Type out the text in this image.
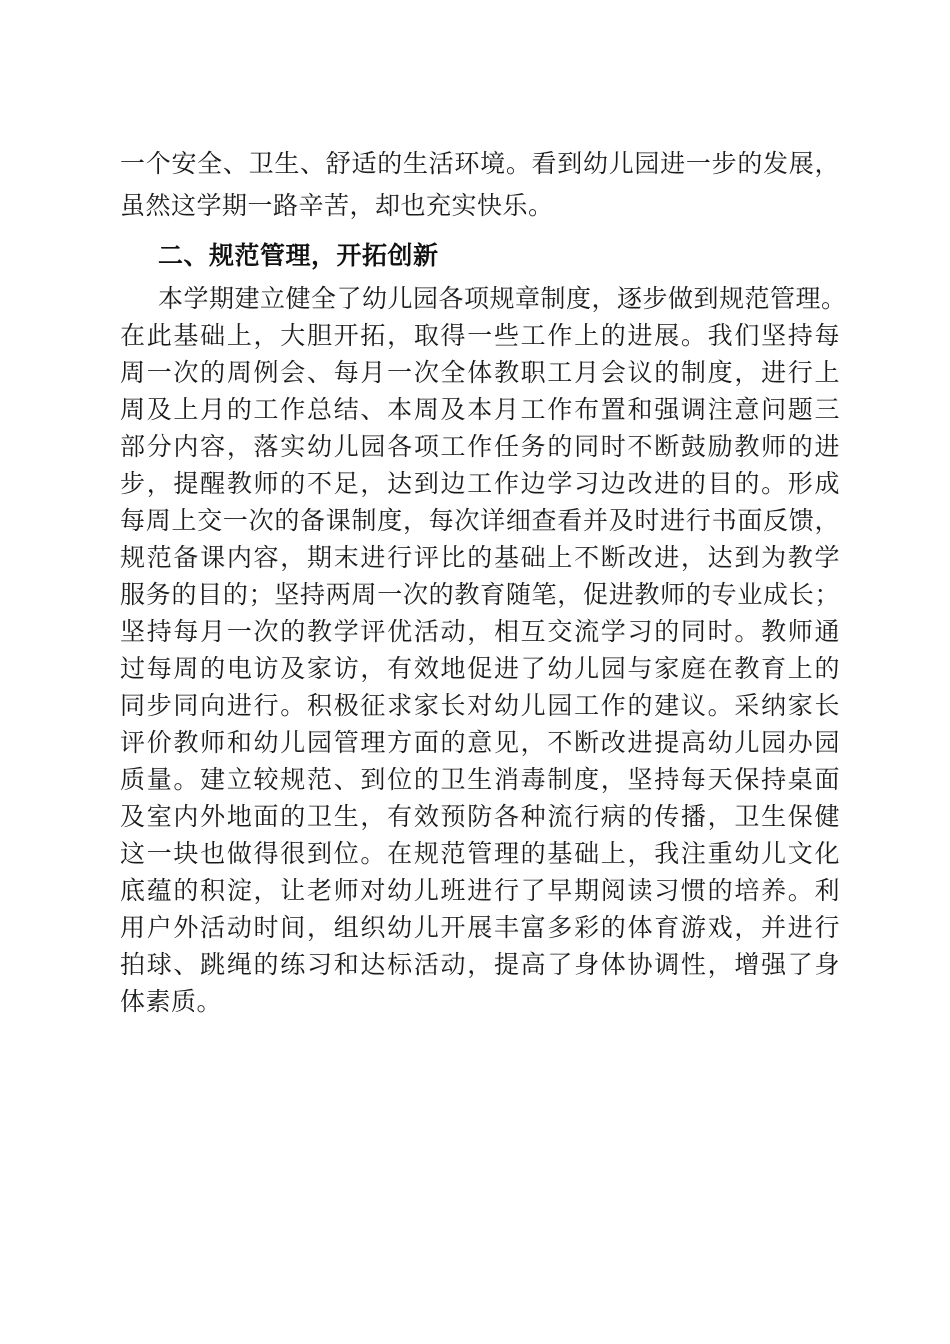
一个安全、卫生、舒适的生活环境。看到幼儿园进一步的发展，
虽然这学期一路辛苦，却也充实快乐。
二、规范管理，开拓创新
本学期建立健全了幼儿园各项规章制度，逐步做到规范管理。
在此基础上，大胆开拓，取得一些工作上的进展。我们坚持每
周一次的周例会、每月一次全体教职工月会议的制度，进行上
周及上月的工作总结、本周及本月工作布置和强调注意问题三
部分内容，落实幼儿园各项工作任务的同时不断鼓励教师的进
步，提醒教师的不足，达到边工作边学习边改进的目的。形成
每周上交一次的备课制度，每次详细查看并及时进行书面反馈，
规范备课内容，期末进行评比的基础上不断改进，达到为教学
服务的目的；坚持两周一次的教育随笔，促进教师的专业成长；
坚持每月一次的教学评优活动，相互交流学习的同时。教师通
过每周的电访及家访，有效地促进了幼儿园与家庭在教育上的
同步同向进行。积极征求家长对幼儿园工作的建议。采纳家长
评价教师和幼儿园管理方面的意见，不断改进提高幼儿园办园
质量。建立较规范、到位的卫生消毒制度，坚持每天保持桌面
及室内外地面的卫生，有效预防各种流行病的传播，卫生保健
这一块也做得很到位。在规范管理的基础上，我注重幼儿文化
底蕴的积淀，让老师对幼儿班进行了早期阅读习惯的培养。利
用户外活动时间，组织幼儿开展丰富多彩的体育游戏，并进行
拍球、跳绳的练习和达标活动，提高了身体协调性，增强了身
体素质。
